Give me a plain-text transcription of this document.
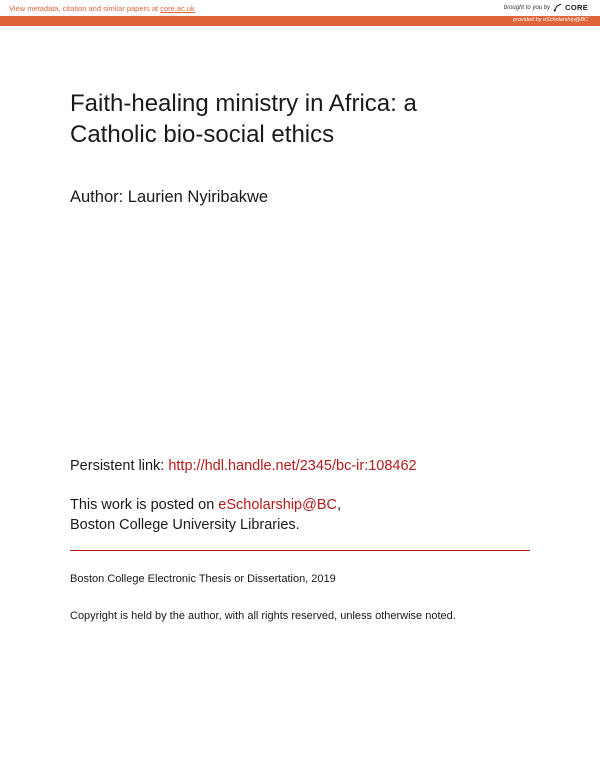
View metadata, citation and similar papers at core.ac.uk	brought to you by CORE
provided by eScholarship@BC
Faith-healing ministry in Africa: a
Catholic bio-social ethics
Author: Laurien Nyiribakwe
Persistent link: http://hdl.handle.net/2345/bc-ir:108462
This work is posted on eScholarship@BC,
Boston College University Libraries.
Boston College Electronic Thesis or Dissertation, 2019
Copyright is held by the author, with all rights reserved, unless otherwise noted.
